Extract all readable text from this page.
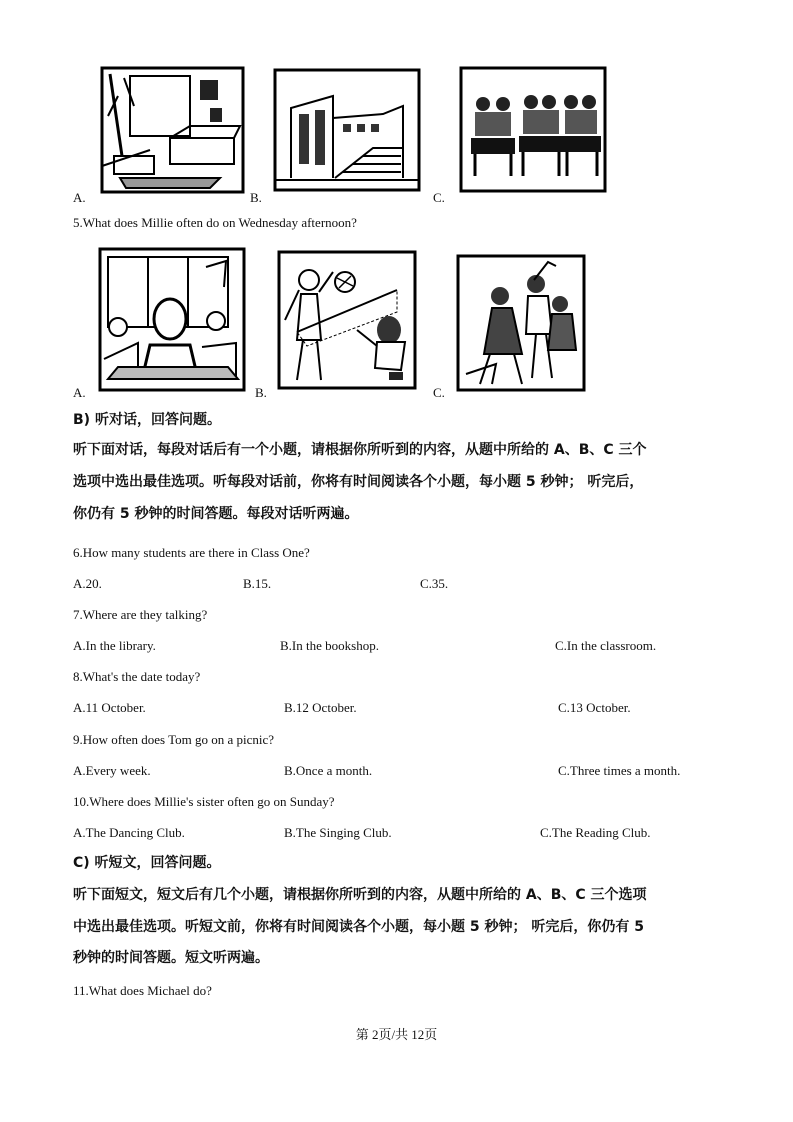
A.	B.	C.
5.What does Millie often do on Wednesday afternoon?
A.	B.	C.
B) 听对话，回答问题。
听下面对话，每段对话后有一个小题，请根据你所听到的内容，从题中所给的 A、B、C 三个
选项中选出最佳选项。听每段对话前，你将有时间阅读各个小题，每小题 5 秒钟； 听完后，
你仍有 5 秒钟的时间答题。每段对话听两遍。
6.How many students are there in Class One?
A.20.	B.15.	C.35.
7.Where are they talking?
A.In the library.	B.In the bookshop.	C.In the classroom.
8.What's the date today?
A.11 October.	B.12 October.	C.13 October.
9.How often does Tom go on a picnic?
A.Every week.	B.Once a month.	C.Three times a month.
10.Where does Millie's sister often go on Sunday?
A.The Dancing Club.	B.The Singing Club.	C.The Reading Club.
C) 听短文，回答问题。
听下面短文，短文后有几个小题，请根据你所听到的内容，从题中所给的 A、B、C 三个选项
中选出最佳选项。听短文前，你将有时间阅读各个小题，每小题 5 秒钟； 听完后，你仍有 5
秒钟的时间答题。短文听两遍。
11.What does Michael do?
第 2页/共 12页
